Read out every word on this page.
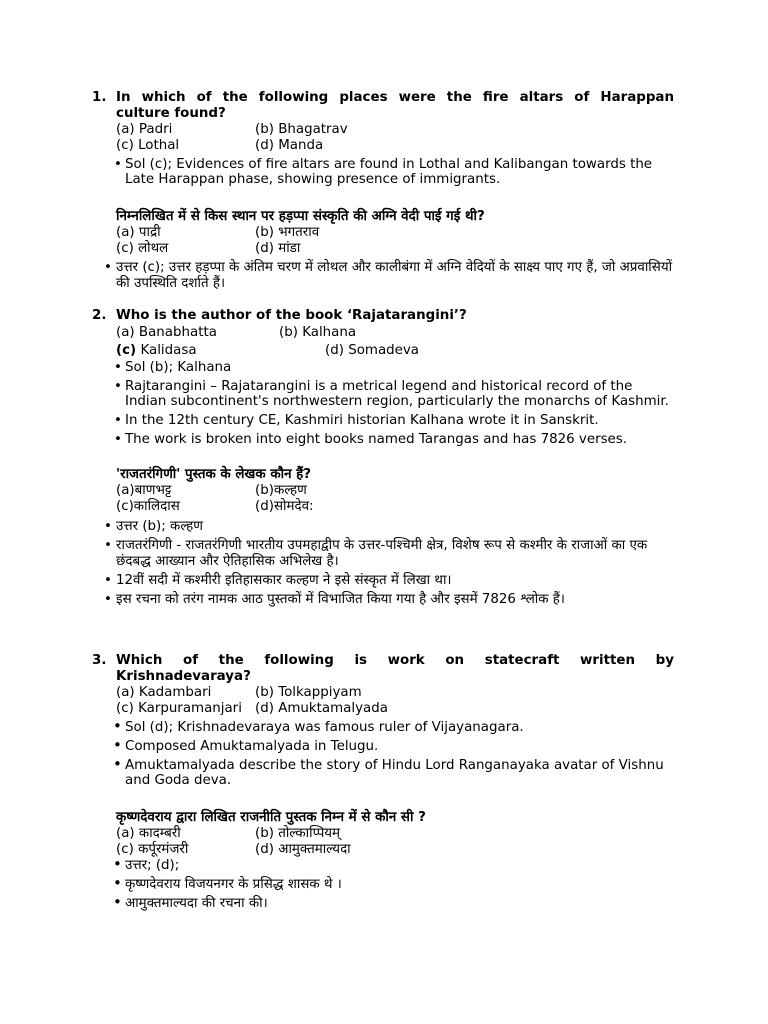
1. In which of the following places were the fire altars of Harappan
culture found?
(a) Padri	(b) Bhagatrav
(c) Lothal	(d) Manda
• Sol (c); Evidences of fire altars are found in Lothal and Kalibangan towards the Late Harappan phase, showing presence of immigrants.
निम्नलिखित में से किस स्थान पर हड़प्पा संस्कृति की अग्नि वेदी पाई गई थी?
(a) पाद्री	(b) भगतराव
(c) लोथल	(d) मांडा
• उत्तर (c); उत्तर हड़प्पा के अंतिम चरण में लोथल और कालीबंगा में अग्नि वेदियों के साक्ष्य पाए गए हैं, जो अप्रवासियों की उपस्थिति दर्शाते हैं।
2. Who is the author of the book ‘Rajatarangini’?
(a) Banabhatta	(b) Kalhana
(c) Kalidasa	(d) Somadeva
• Sol (b); Kalhana
• Rajtarangini – Rajatarangini is a metrical legend and historical record of the Indian subcontinent's northwestern region, particularly the monarchs of Kashmir.
• In the 12th century CE, Kashmiri historian Kalhana wrote it in Sanskrit.
• The work is broken into eight books named Tarangas and has 7826 verses.
'राजतरंगिणी' पुस्तक के लेखक कौन हैं?
(a)बाणभट्ट	(b)कल्हण
(c)कालिदास	(d)सोमदेव:
• उत्तर (b); कल्हण
• राजतरंगिणी - राजतरंगिणी भारतीय उपमहाद्वीप के उत्तर-पश्चिमी क्षेत्र, विशेष रूप से कश्मीर के राजाओं का एक छंदबद्ध आख्यान और ऐतिहासिक अभिलेख है।
• 12वीं सदी में कश्मीरी इतिहासकार कल्हण ने इसे संस्कृत में लिखा था।
• इस रचना को तरंग नामक आठ पुस्तकों में विभाजित किया गया है और इसमें 7826 श्लोक हैं।
3. Which of the following is work on statecraft written by
Krishnadevaraya?
(a) Kadambari	(b) Tolkappiyam
(c) Karpuramanjari (d) Amuktamalyada
• Sol (d); Krishnadevaraya was famous ruler of Vijayanagara.
• Composed Amuktamalyada in Telugu.
• Amuktamalyada describe the story of Hindu Lord Ranganayaka avatar of Vishnu and Goda deva.
कृष्णदेवराय द्वारा लिखित राजनीति पुस्तक निम्न में से कौन सी ?
(a) कादम्बरी	(b) तोल्काप्पियम्
(c) कर्पूरमंजरी	(d) आमुक्तमाल्यदा
• उत्तर; (d);
• कृष्णदेवराय विजयनगर के प्रसिद्ध शासक थे ।
• आमुक्तमाल्यदा की रचना की।
